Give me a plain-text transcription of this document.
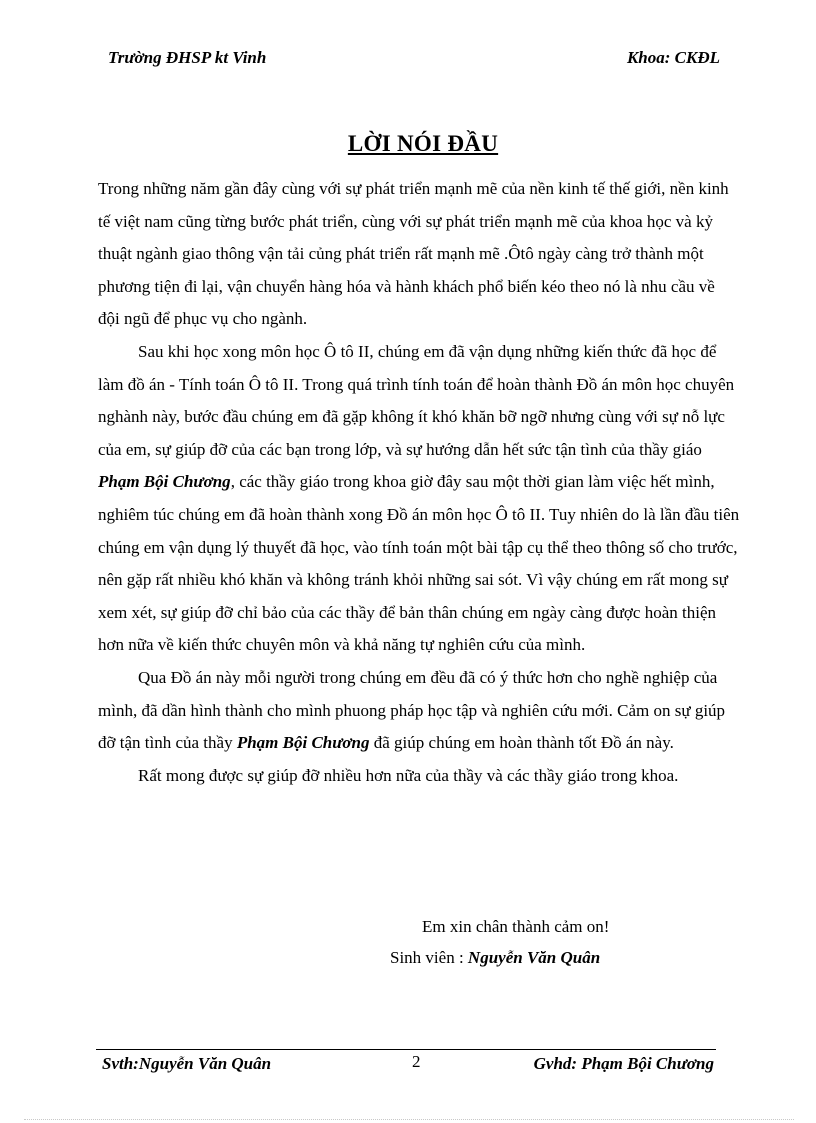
Trường ĐHSP kt Vinh	Khoa: CKĐL
LỜI NÓI ĐẦU

Trong những năm gần đây cùng với sự phát triển mạnh mẽ của nền kinh tế thế giới, nền kinh tế việt nam cũng từng bước phát triển, cùng với sự phát triển mạnh mẽ của khoa học và kỷ thuật ngành giao thông vận tải củng phát triển rất mạnh mẽ .Ôtô ngày càng trở thành một phương tiện đi lại, vận chuyển hàng hóa và hành khách phổ biến kéo theo nó là nhu cầu về đội ngũ để phục vụ cho ngành.

Sau khi học xong môn học Ô tô II, chúng em đã vận dụng những kiến thức đã học để làm đồ án - Tính toán Ô tô II. Trong quá trình tính toán để hoàn thành Đồ án môn học chuyên nghành này, bước đầu chúng em đã gặp không ít khó khăn bỡ ngỡ nhưng cùng với sự nỗ lực của em, sự giúp đỡ của các bạn trong lớp, và sự hướng dẫn hết sức tận tình của thầy giáo Phạm Bội Chương, các thầy giáo trong khoa giờ đây sau một thời gian làm việc hết mình, nghiêm túc chúng em đã hoàn thành xong Đồ án môn học Ô tô II. Tuy nhiên do là lần đầu tiên chúng em vận dụng lý thuyết đã học, vào tính toán một bài tập cụ thể theo thông số cho trước, nên gặp rất nhiều khó khăn và không tránh khỏi những sai sót. Vì vậy chúng em rất mong sự xem xét, sự giúp đỡ chỉ bảo của các thầy để bản thân chúng em ngày càng được hoàn thiện hơn nữa về kiến thức chuyên môn và khả năng tự nghiên cứu của mình.

Qua Đồ án này mỗi người trong chúng em đều đã có ý thức hơn cho nghề nghiệp của mình, đã dần hình thành cho mình phuong pháp học tập và nghiên cứu mới. Cảm on sự giúp đỡ tận tình của thầy Phạm Bội Chương đã giúp chúng em hoàn thành tốt Đồ án này.

Rất mong được sự giúp đỡ nhiều hơn nữa của thầy và các thầy giáo trong khoa.

Em xin chân thành cảm on!
Sinh viên : Nguyễn Văn Quân
Svth:Nguyễn Văn Quân	2	Gvhd: Phạm Bội Chương
